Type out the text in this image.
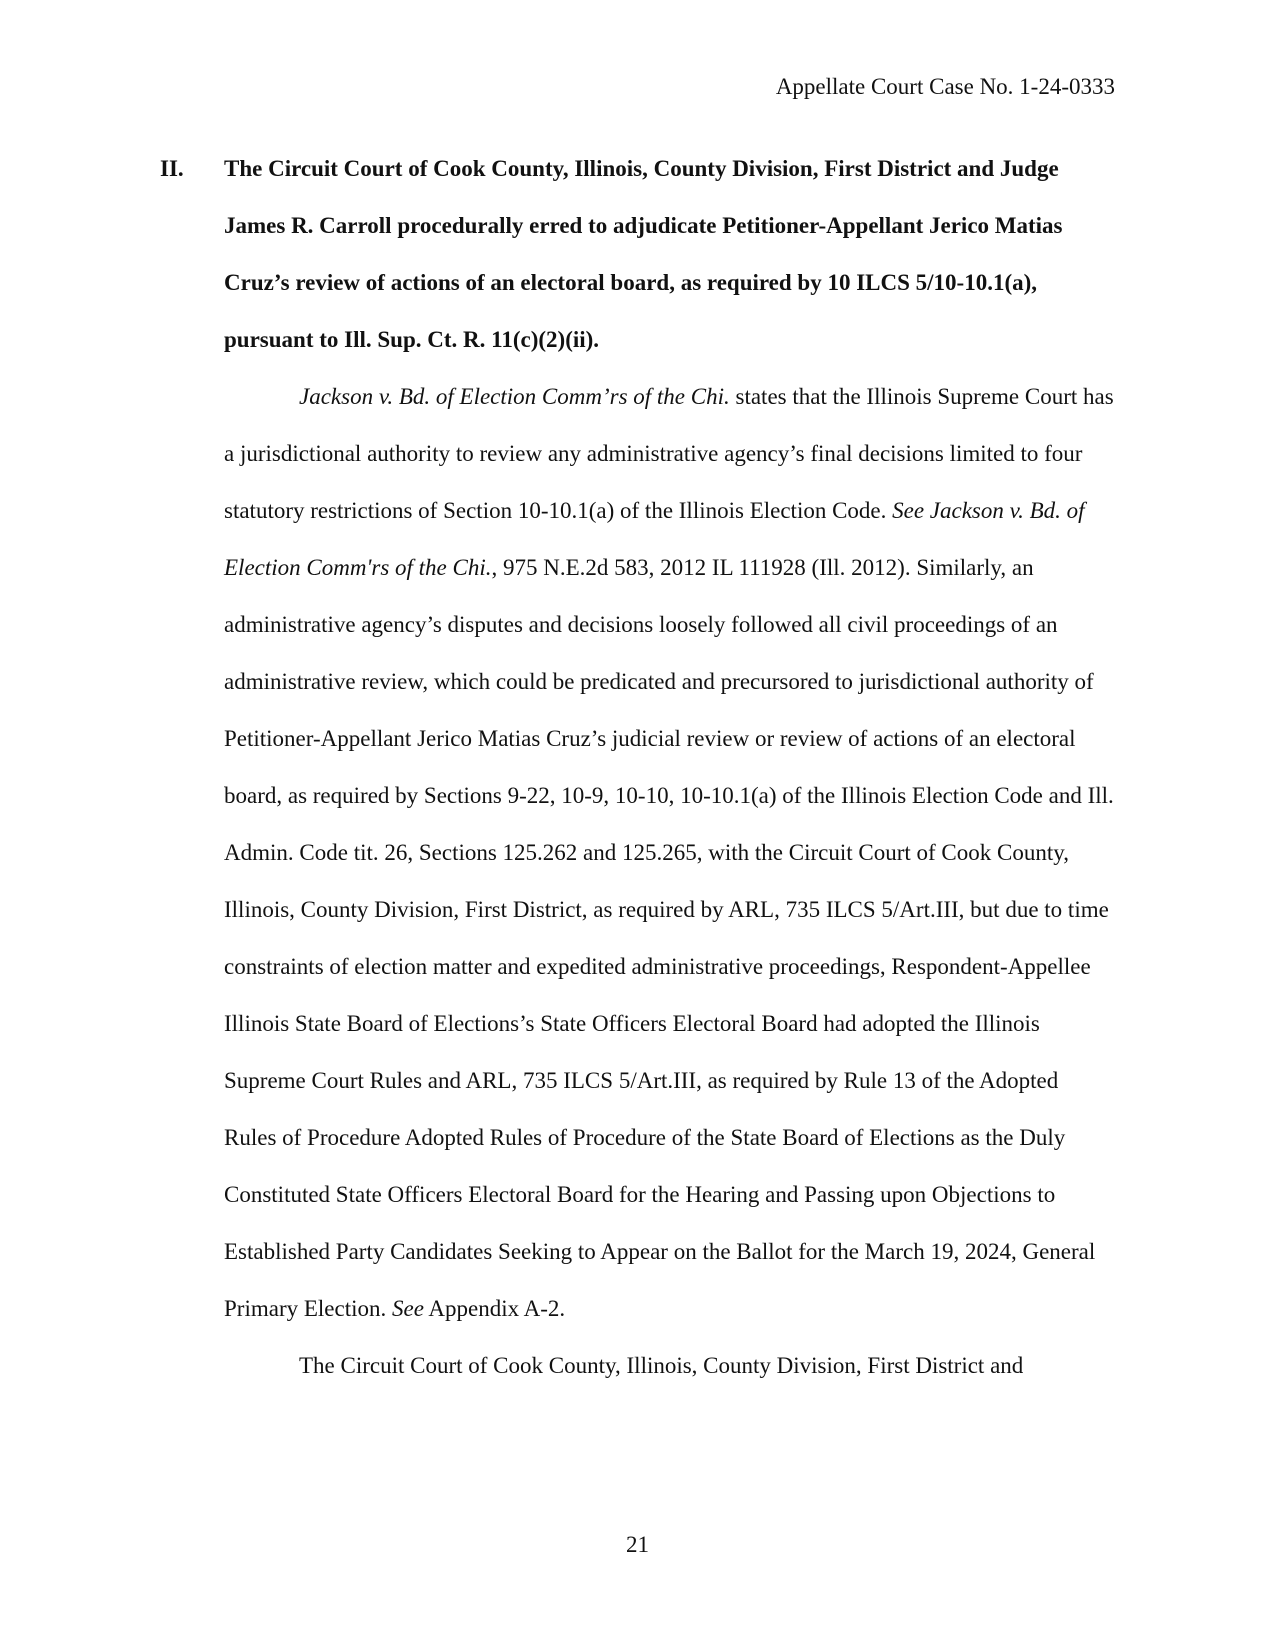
Appellate Court Case No. 1-24-0333
II. The Circuit Court of Cook County, Illinois, County Division, First District and Judge James R. Carroll procedurally erred to adjudicate Petitioner-Appellant Jerico Matias Cruz’s review of actions of an electoral board, as required by 10 ILCS 5/10-10.1(a), pursuant to Ill. Sup. Ct. R. 11(c)(2)(ii).

Jackson v. Bd. of Election Comm’rs of the Chi. states that the Illinois Supreme Court has a jurisdictional authority to review any administrative agency’s final decisions limited to four statutory restrictions of Section 10-10.1(a) of the Illinois Election Code. See Jackson v. Bd. of Election Comm'rs of the Chi., 975 N.E.2d 583, 2012 IL 111928 (Ill. 2012). Similarly, an administrative agency’s disputes and decisions loosely followed all civil proceedings of an administrative review, which could be predicated and precursored to jurisdictional authority of Petitioner-Appellant Jerico Matias Cruz’s judicial review or review of actions of an electoral board, as required by Sections 9-22, 10-9, 10-10, 10-10.1(a) of the Illinois Election Code and Ill. Admin. Code tit. 26, Sections 125.262 and 125.265, with the Circuit Court of Cook County, Illinois, County Division, First District, as required by ARL, 735 ILCS 5/Art.III, but due to time constraints of election matter and expedited administrative proceedings, Respondent-Appellee Illinois State Board of Elections’s State Officers Electoral Board had adopted the Illinois Supreme Court Rules and ARL, 735 ILCS 5/Art.III, as required by Rule 13 of the Adopted Rules of Procedure Adopted Rules of Procedure of the State Board of Elections as the Duly Constituted State Officers Electoral Board for the Hearing and Passing upon Objections to Established Party Candidates Seeking to Appear on the Ballot for the March 19, 2024, General Primary Election. See Appendix A-2.

The Circuit Court of Cook County, Illinois, County Division, First District and

21
